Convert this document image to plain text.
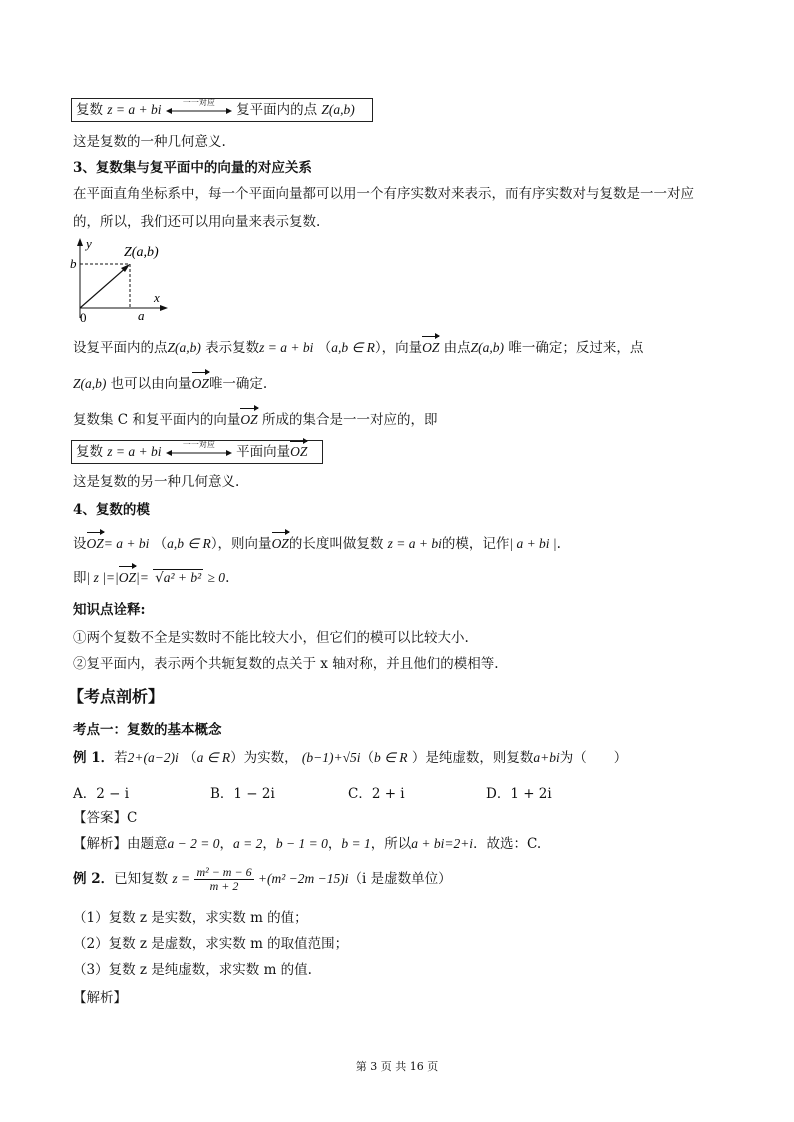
复数 z = a + bi	一一对应	复平面内的点 Z(a,b)
这是复数的一种几何意义.
3、复数集与复平面中的向量的对应关系
在平面直角坐标系中，每一个平面向量都可以用一个有序实数对来表示，而有序实数对与复数是一一对应
的，所以，我们还可以用向量来表示复数.
y
x
b
a
0
Z(a,b)
设复平面内的点Z(a,b) 表示复数z = a + bi （a,b ∈ R），向量OZ 由点Z(a,b) 唯一确定；反过来，点
Z(a,b) 也可以由向量OZ唯一确定.
复数集 C 和复平面内的向量OZ 所成的集合是一一对应的，即
复数 z = a + bi	一一对应	平面向量OZ
这是复数的另一种几何意义.
4、复数的模
设OZ= a + bi （a,b ∈ R），则向量OZ的长度叫做复数 z = a + bi的模，记作| a + bi |.
即| z |=|OZ|= √a² + b² ≥ 0.
知识点诠释:
①两个复数不全是实数时不能比较大小，但它们的模可以比较大小.
②复平面内，表示两个共轭复数的点关于 x 轴对称，并且他们的模相等.
【考点剖析】
考点一：复数的基本概念
例 1．若2+(a−2)i （a ∈ R）为实数， (b−1)+√5i（b ∈ R ）是纯虚数，则复数a+bi为（　　）
A．2 − i	B．1 − 2i	C．2 + i	D．1 + 2i
【答案】C
【解析】由题意a − 2 = 0，a = 2，b − 1 = 0，b = 1，所以a + bi=2+i．故选：C.
例 2．已知复数 $z = \frac{\text{m² − m − 6}}{m + 2} +(m^2 -2m -15)i(i$ 是虚数单位）
（1）复数 z 是实数，求实数 m 的值；
（2）复数 z 是虚数，求实数 m 的取值范围；
（3）复数 z 是纯虚数，求实数 m 的值.
【解析】
第 3 页 共 16 页
